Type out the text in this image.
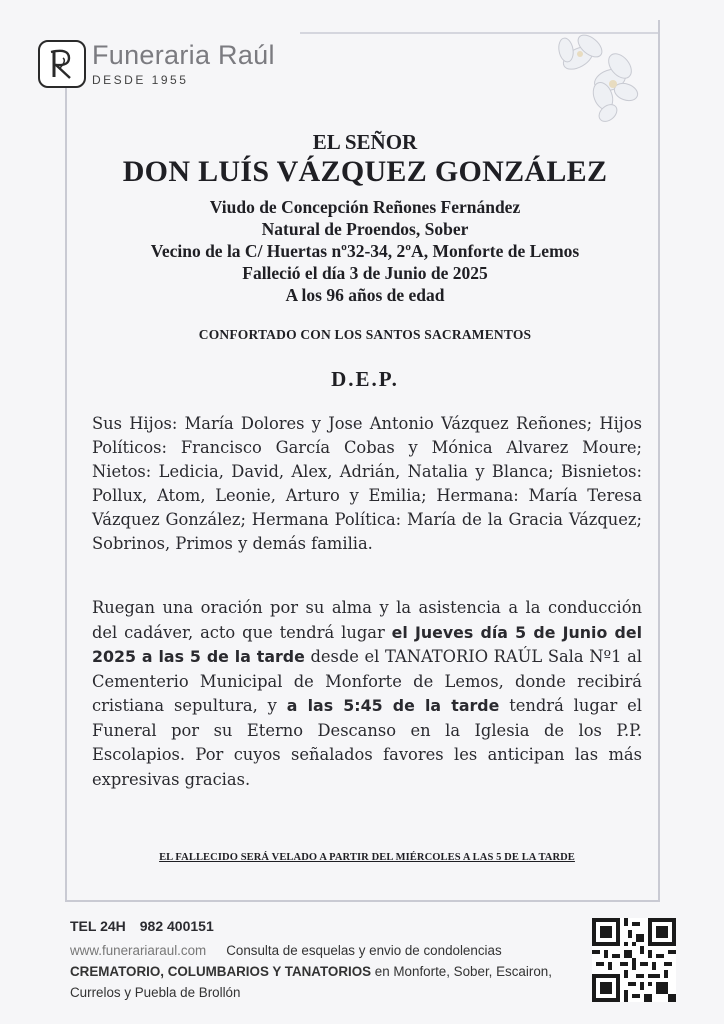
Funeraria Raúl
DESDE 1955
EL SEÑOR
DON LUÍS VÁZQUEZ GONZÁLEZ
Viudo de Concepción Reñones Fernández
Natural de Proendos, Sober
Vecino de la C/ Huertas nº32-34, 2ºA, Monforte de Lemos
Falleció el día 3 de Junio de 2025
A los 96 años de edad
CONFORTADO CON LOS SANTOS SACRAMENTOS
D.E.P.
Sus Hijos: María Dolores y Jose Antonio Vázquez Reñones; Hijos Políticos: Francisco García Cobas y Mónica Alvarez Moure; Nietos: Ledicia, David, Alex, Adrián, Natalia y Blanca; Bisnietos: Pollux, Atom, Leonie, Arturo y Emilia; Hermana: María Teresa Vázquez González; Hermana Política: María de la Gracia Vázquez; Sobrinos, Primos y demás familia.
Ruegan una oración por su alma y la asistencia a la conducción del cadáver, acto que tendrá lugar el Jueves día 5 de Junio del 2025 a las 5 de la tarde desde el TANATORIO RAÚL Sala Nº1 al Cementerio Municipal de Monforte de Lemos, donde recibirá cristiana sepultura, y a las 5:45 de la tarde tendrá lugar el Funeral por su Eterno Descanso en la Iglesia de los P.P. Escolapios. Por cuyos señalados favores les anticipan las más expresivas gracias.
EL FALLECIDO SERÁ VELADO A PARTIR DEL MIÉRCOLES A LAS 5 DE LA TARDE
TEL 24H 982 400151
www.funerariaraul.com Consulta de esquelas y envio de condolencias CREMATORIO, COLUMBARIOS Y TANATORIOS en Monforte, Sober, Escairon, Currelos y Puebla de Brollón
